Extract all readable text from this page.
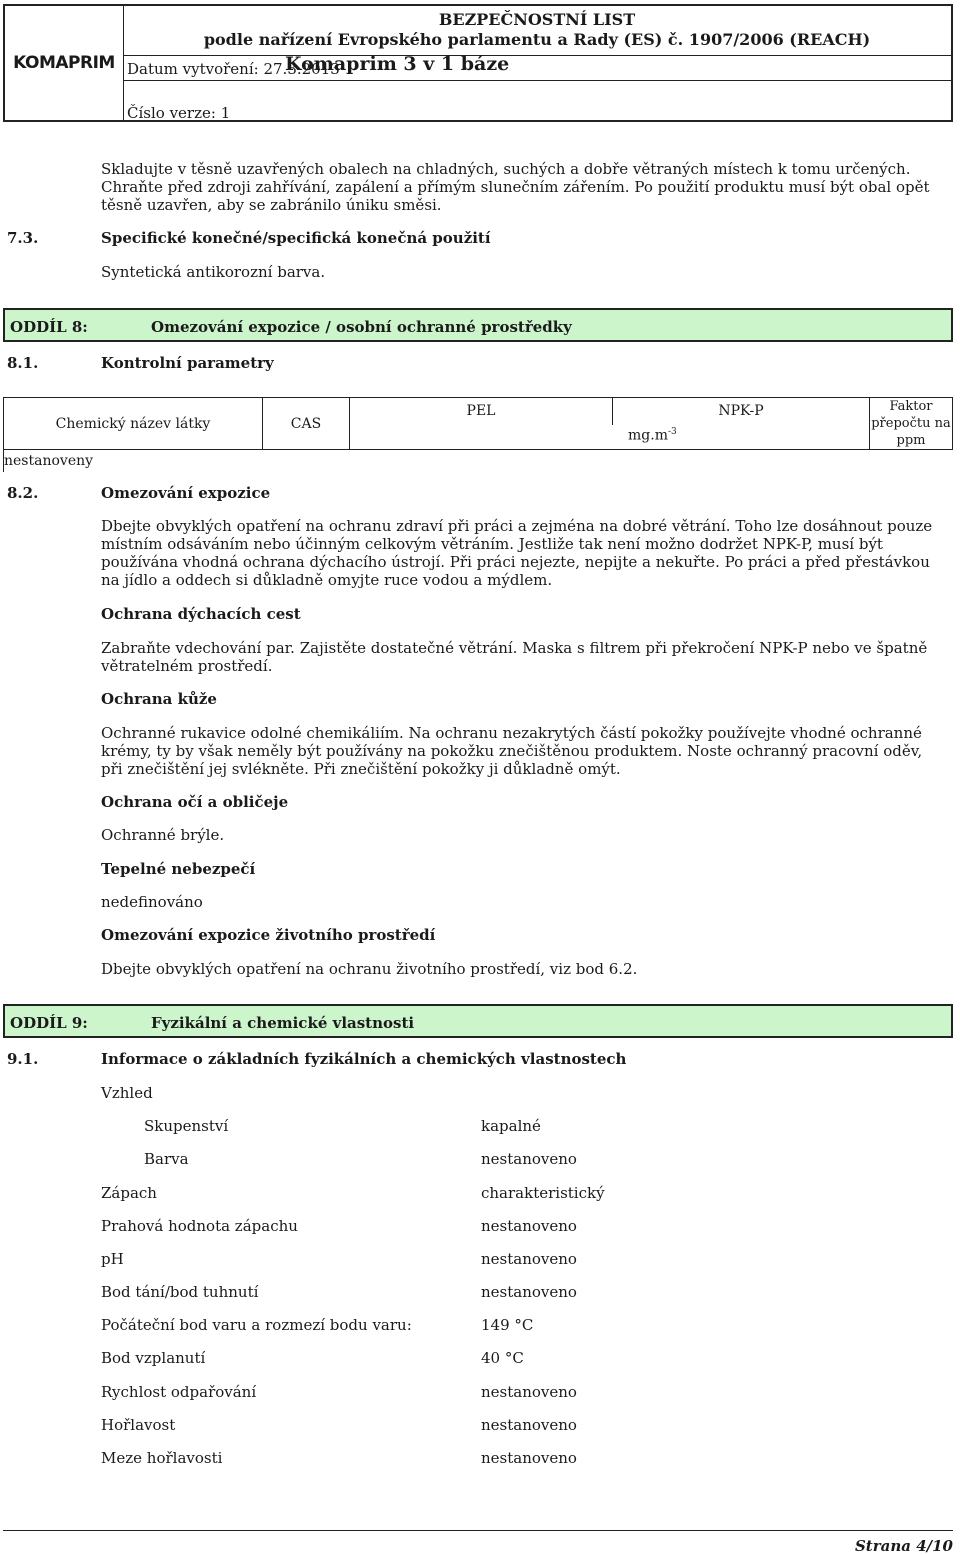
KOMAPRIM
BEZPEČNOSTNÍ LIST
podle nařízení Evropského parlamentu a Rady (ES) č. 1907/2006 (REACH)
Datum vytvoření: 27.3.2013
Číslo verze: 1
Komaprim 3 v 1 báze
Skladujte v těsně uzavřených obalech na chladných, suchých a dobře větraných místech k tomu určených. Chraňte před zdroji zahřívání, zapálení a přímým slunečním zářením. Po použití produktu musí být obal opět těsně uzavřen, aby se zabránilo úniku směsi.
7.3.	Specifické konečné/specifická konečná použití
Syntetická antikorozní barva.
ODDÍL 8:	Omezování expozice / osobní ochranné prostředky
8.1.	Kontrolní parametry
Chemický název látky	CAS	PEL	NPK-P	Faktor přepočtu na ppm

$mg.m^{-3}$

nestanoveny
8.2.	Omezování expozice
Dbejte obvyklých opatření na ochranu zdraví při práci a zejména na dobré větrání. Toho lze dosáhnout pouze místním odsáváním nebo účinným celkovým větráním. Jestliže tak není možno dodržet NPK-P, musí být používána vhodná ochrana dýchacího ústrojí. Při práci nejezte, nepijte a nekuřte. Po práci a před přestávkou na jídlo a oddech si důkladně omyjte ruce vodou a mýdlem.
Ochrana dýchacích cest
Zabraňte vdechování par. Zajistěte dostatečné větrání. Maska s filtrem při překročení NPK-P nebo ve špatně větratelném prostředí.
Ochrana kůže
Ochranné rukavice odolné chemikáliím. Na ochranu nezakrytých částí pokožky používejte vhodné ochranné krémy, ty by však neměly být používány na pokožku znečištěnou produktem. Noste ochranný pracovní oděv, při znečištění jej svlékněte. Při znečištění pokožky ji důkladně omýt.
Ochrana očí a obličeje
Ochranné brýle.
Tepelné nebezpečí
nedefinováno
Omezování expozice životního prostředí
Dbejte obvyklých opatření na ochranu životního prostředí, viz bod 6.2.
ODDÍL 9:	Fyzikální a chemické vlastnosti
9.1.	Informace o základních fyzikálních a chemických vlastnostech
Vzhled
Skupenství	kapalné
Barva	nestanoveno
Zápach	charakteristický
Prahová hodnota zápachu	nestanoveno
pH	nestanoveno
Bod tání/bod tuhnutí	nestanoveno
Počáteční bod varu a rozmezí bodu varu:	149 °C
Bod vzplanutí	40 °C
Rychlost odpařování	nestanoveno
Hořlavost	nestanoveno
Meze hořlavosti	nestanoveno
Strana 4/10
